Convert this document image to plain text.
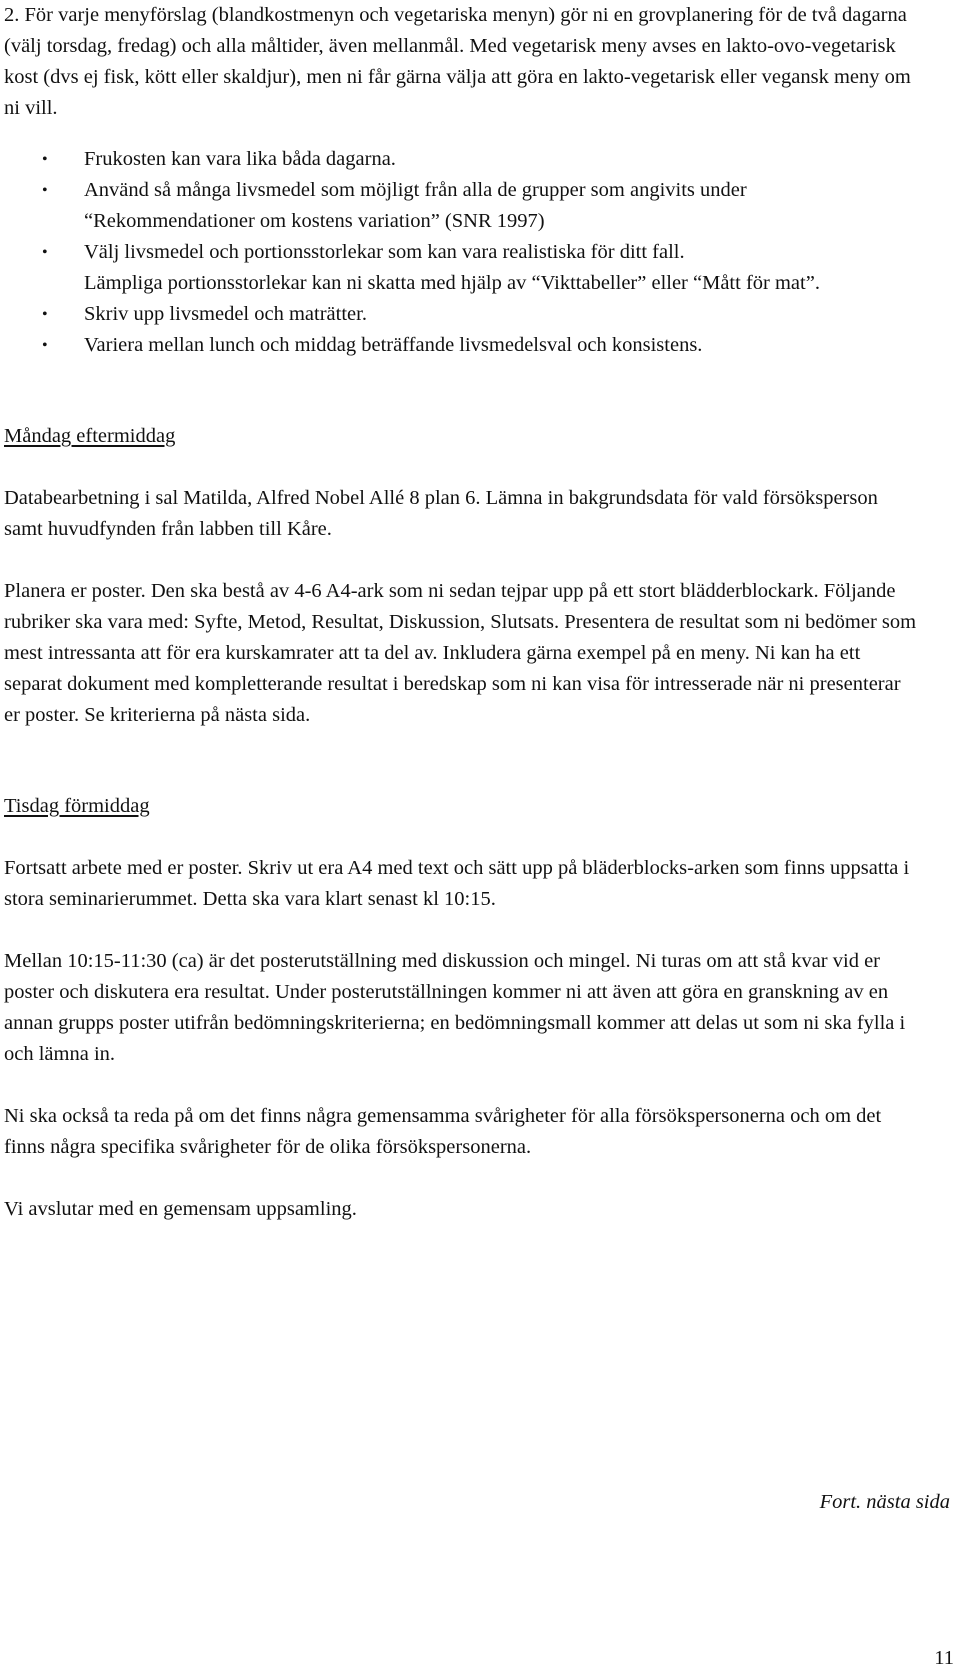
2. För varje menyförslag (blandkostmenyn och vegetariska menyn) gör ni en grovplanering för de två dagarna (välj torsdag, fredag) och alla måltider, även mellanmål. Med vegetarisk meny avses en lakto-ovo-vegetarisk kost (dvs ej fisk, kött eller skaldjur), men ni får gärna välja att göra en lakto-vegetarisk eller vegansk meny om ni vill.

• Frukosten kan vara lika båda dagarna.
• Använd så många livsmedel som möjligt från alla de grupper som angivits under “Rekommendationer om kostens variation” (SNR 1997)
• Välj livsmedel och portionsstorlekar som kan vara realistiska för ditt fall.
Lämpliga portionsstorlekar kan ni skatta med hjälp av “Vikttabeller” eller “Mått för mat”.
• Skriv upp livsmedel och maträtter.
• Variera mellan lunch och middag beträffande livsmedelsval och konsistens.

Måndag eftermiddag

Databearbetning i sal Matilda, Alfred Nobel Allé 8 plan 6. Lämna in bakgrundsdata för vald försöksperson samt huvudfynden från labben till Kåre.

Planera er poster. Den ska bestå av 4-6 A4-ark som ni sedan tejpar upp på ett stort blädderblockark. Följande rubriker ska vara med: Syfte, Metod, Resultat, Diskussion, Slutsats. Presentera de resultat som ni bedömer som mest intressanta att för era kurskamrater att ta del av. Inkludera gärna exempel på en meny. Ni kan ha ett separat dokument med kompletterande resultat i beredskap som ni kan visa för intresserade när ni presenterar er poster. Se kriterierna på nästa sida.

Tisdag förmiddag

Fortsatt arbete med er poster. Skriv ut era A4 med text och sätt upp på bläderblocks-arken som finns uppsatta i stora seminarierummet. Detta ska vara klart senast kl 10:15.

Mellan 10:15-11:30 (ca) är det posterutställning med diskussion och mingel. Ni turas om att stå kvar vid er poster och diskutera era resultat. Under posterutställningen kommer ni att även att göra en granskning av en annan grupps poster utifrån bedömningskriterierna; en bedömningsmall kommer att delas ut som ni ska fylla i och lämna in.

Ni ska också ta reda på om det finns några gemensamma svårigheter för alla försökspersonerna och om det finns några specifika svårigheter för de olika försökspersonerna.

Vi avslutar med en gemensam uppsamling.

Fort. nästa sida
11
